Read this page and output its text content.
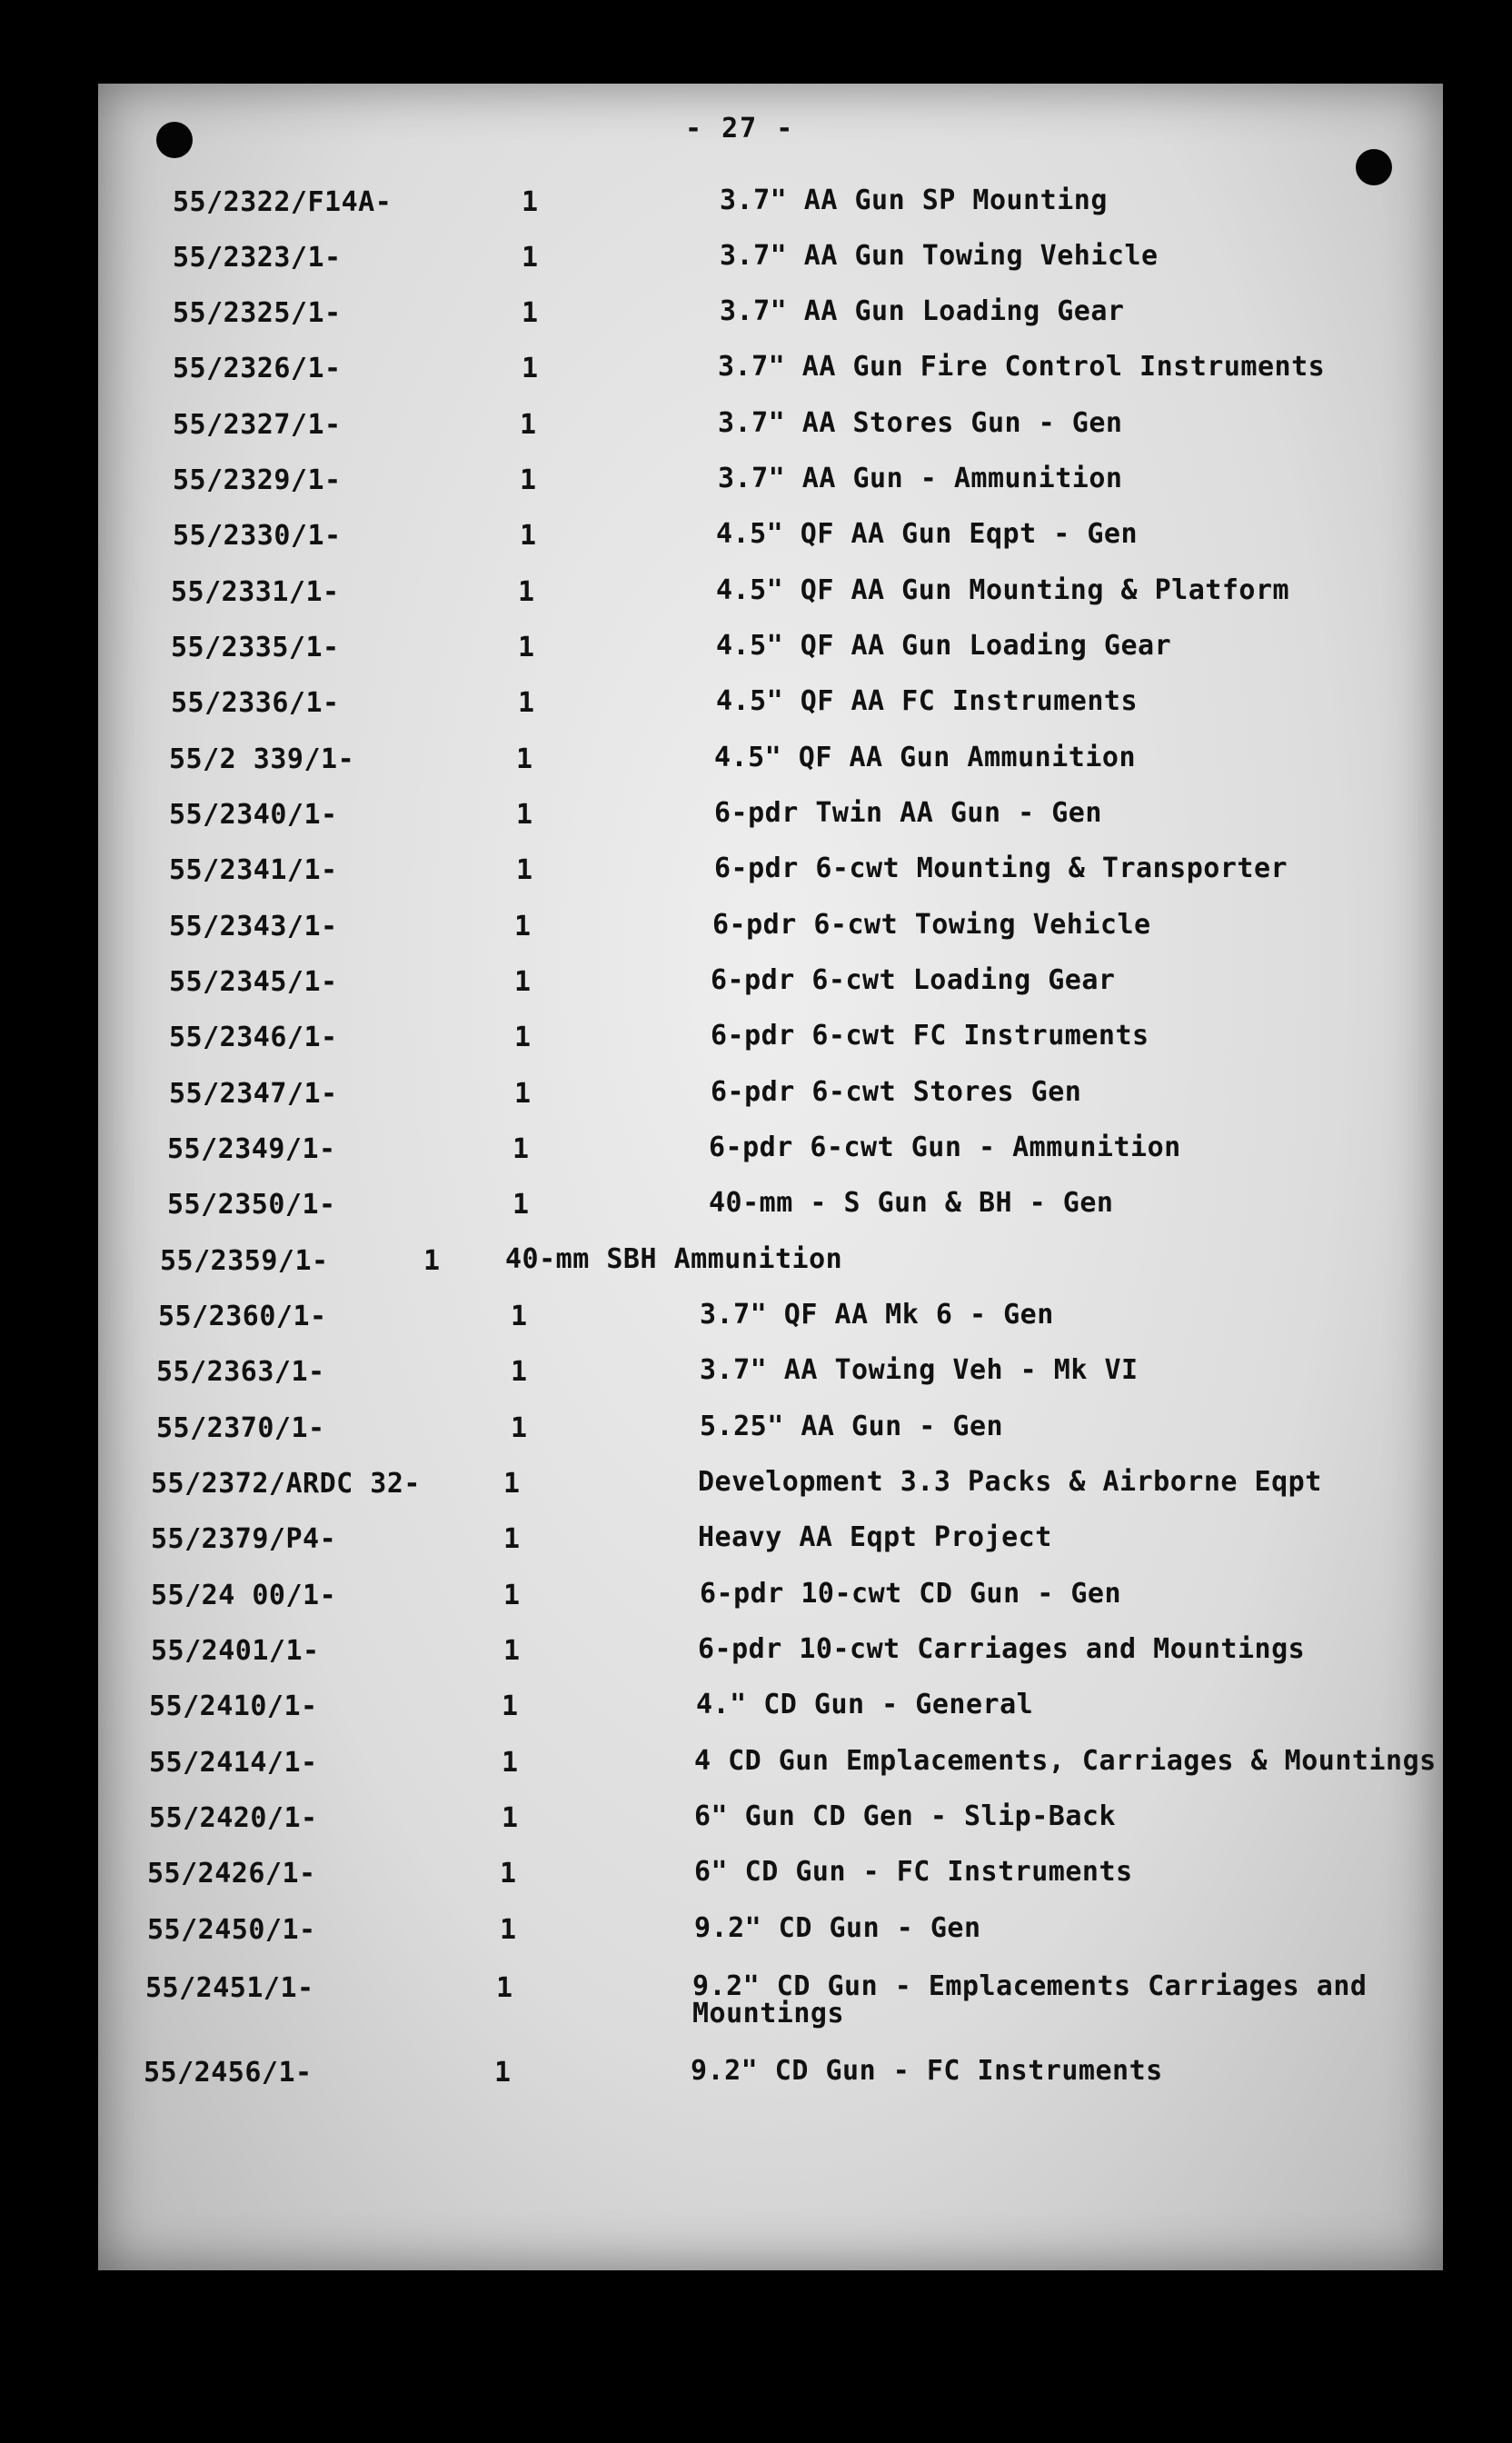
- 27 -
55/2322/F14A-	1	3.7" AA Gun SP Mounting
55/2323/1-	1	3.7" AA Gun Towing Vehicle
55/2325/1-	1	3.7" AA Gun Loading Gear
55/2326/1-	1	3.7" AA Gun Fire Control Instruments
55/2327/1-	1	3.7" AA Stores Gun - Gen
55/2329/1-	1	3.7" AA Gun - Ammunition
55/2330/1-	1	4.5" QF AA Gun Eqpt - Gen
55/2331/1-	1	4.5" QF AA Gun Mounting & Platform
55/2335/1-	1	4.5" QF AA Gun Loading Gear
55/2336/1-	1	4.5" QF AA FC Instruments
55/2 339/1-	1	4.5" QF AA Gun Ammunition
55/2340/1-	1	6-pdr Twin AA Gun - Gen
55/2341/1-	1	6-pdr 6-cwt Mounting & Transporter
55/2343/1-	1	6-pdr 6-cwt Towing Vehicle
55/2345/1-	1	6-pdr 6-cwt Loading Gear
55/2346/1-	1	6-pdr 6-cwt FC Instruments
55/2347/1-	1	6-pdr 6-cwt Stores Gen
55/2349/1-	1	6-pdr 6-cwt Gun - Ammunition
55/2350/1-	1	40-mm - S Gun & BH - Gen
55/2359/1-	1 40-mm SBH Ammunition
55/2360/1-	1	3.7" QF AA Mk 6 - Gen
55/2363/1-	1	3.7" AA Towing Veh - Mk VI
55/2370/1-	1	5.25" AA Gun - Gen
55/2372/ARDC 32-	1	Development 3.3 Packs & Airborne Eqpt
55/2379/P4-	1	Heavy AA Eqpt Project
55/24 00/1-	1	6-pdr 10-cwt CD Gun - Gen
55/2401/1-	1	6-pdr 10-cwt Carriages and Mountings
55/2410/1-	1	4." CD Gun - General
55/2414/1-	1	4 CD Gun Emplacements, Carriages & Mountings
55/2420/1-	1	6" Gun CD Gen - Slip-Back
55/2426/1-	1	6" CD Gun - FC Instruments
55/2450/1-	1	9.2" CD Gun - Gen
55/2451/1-	1	9.2" CD Gun - Emplacements Carriages and
Mountings
55/2456/1-	1	9.2" CD Gun - FC Instruments
